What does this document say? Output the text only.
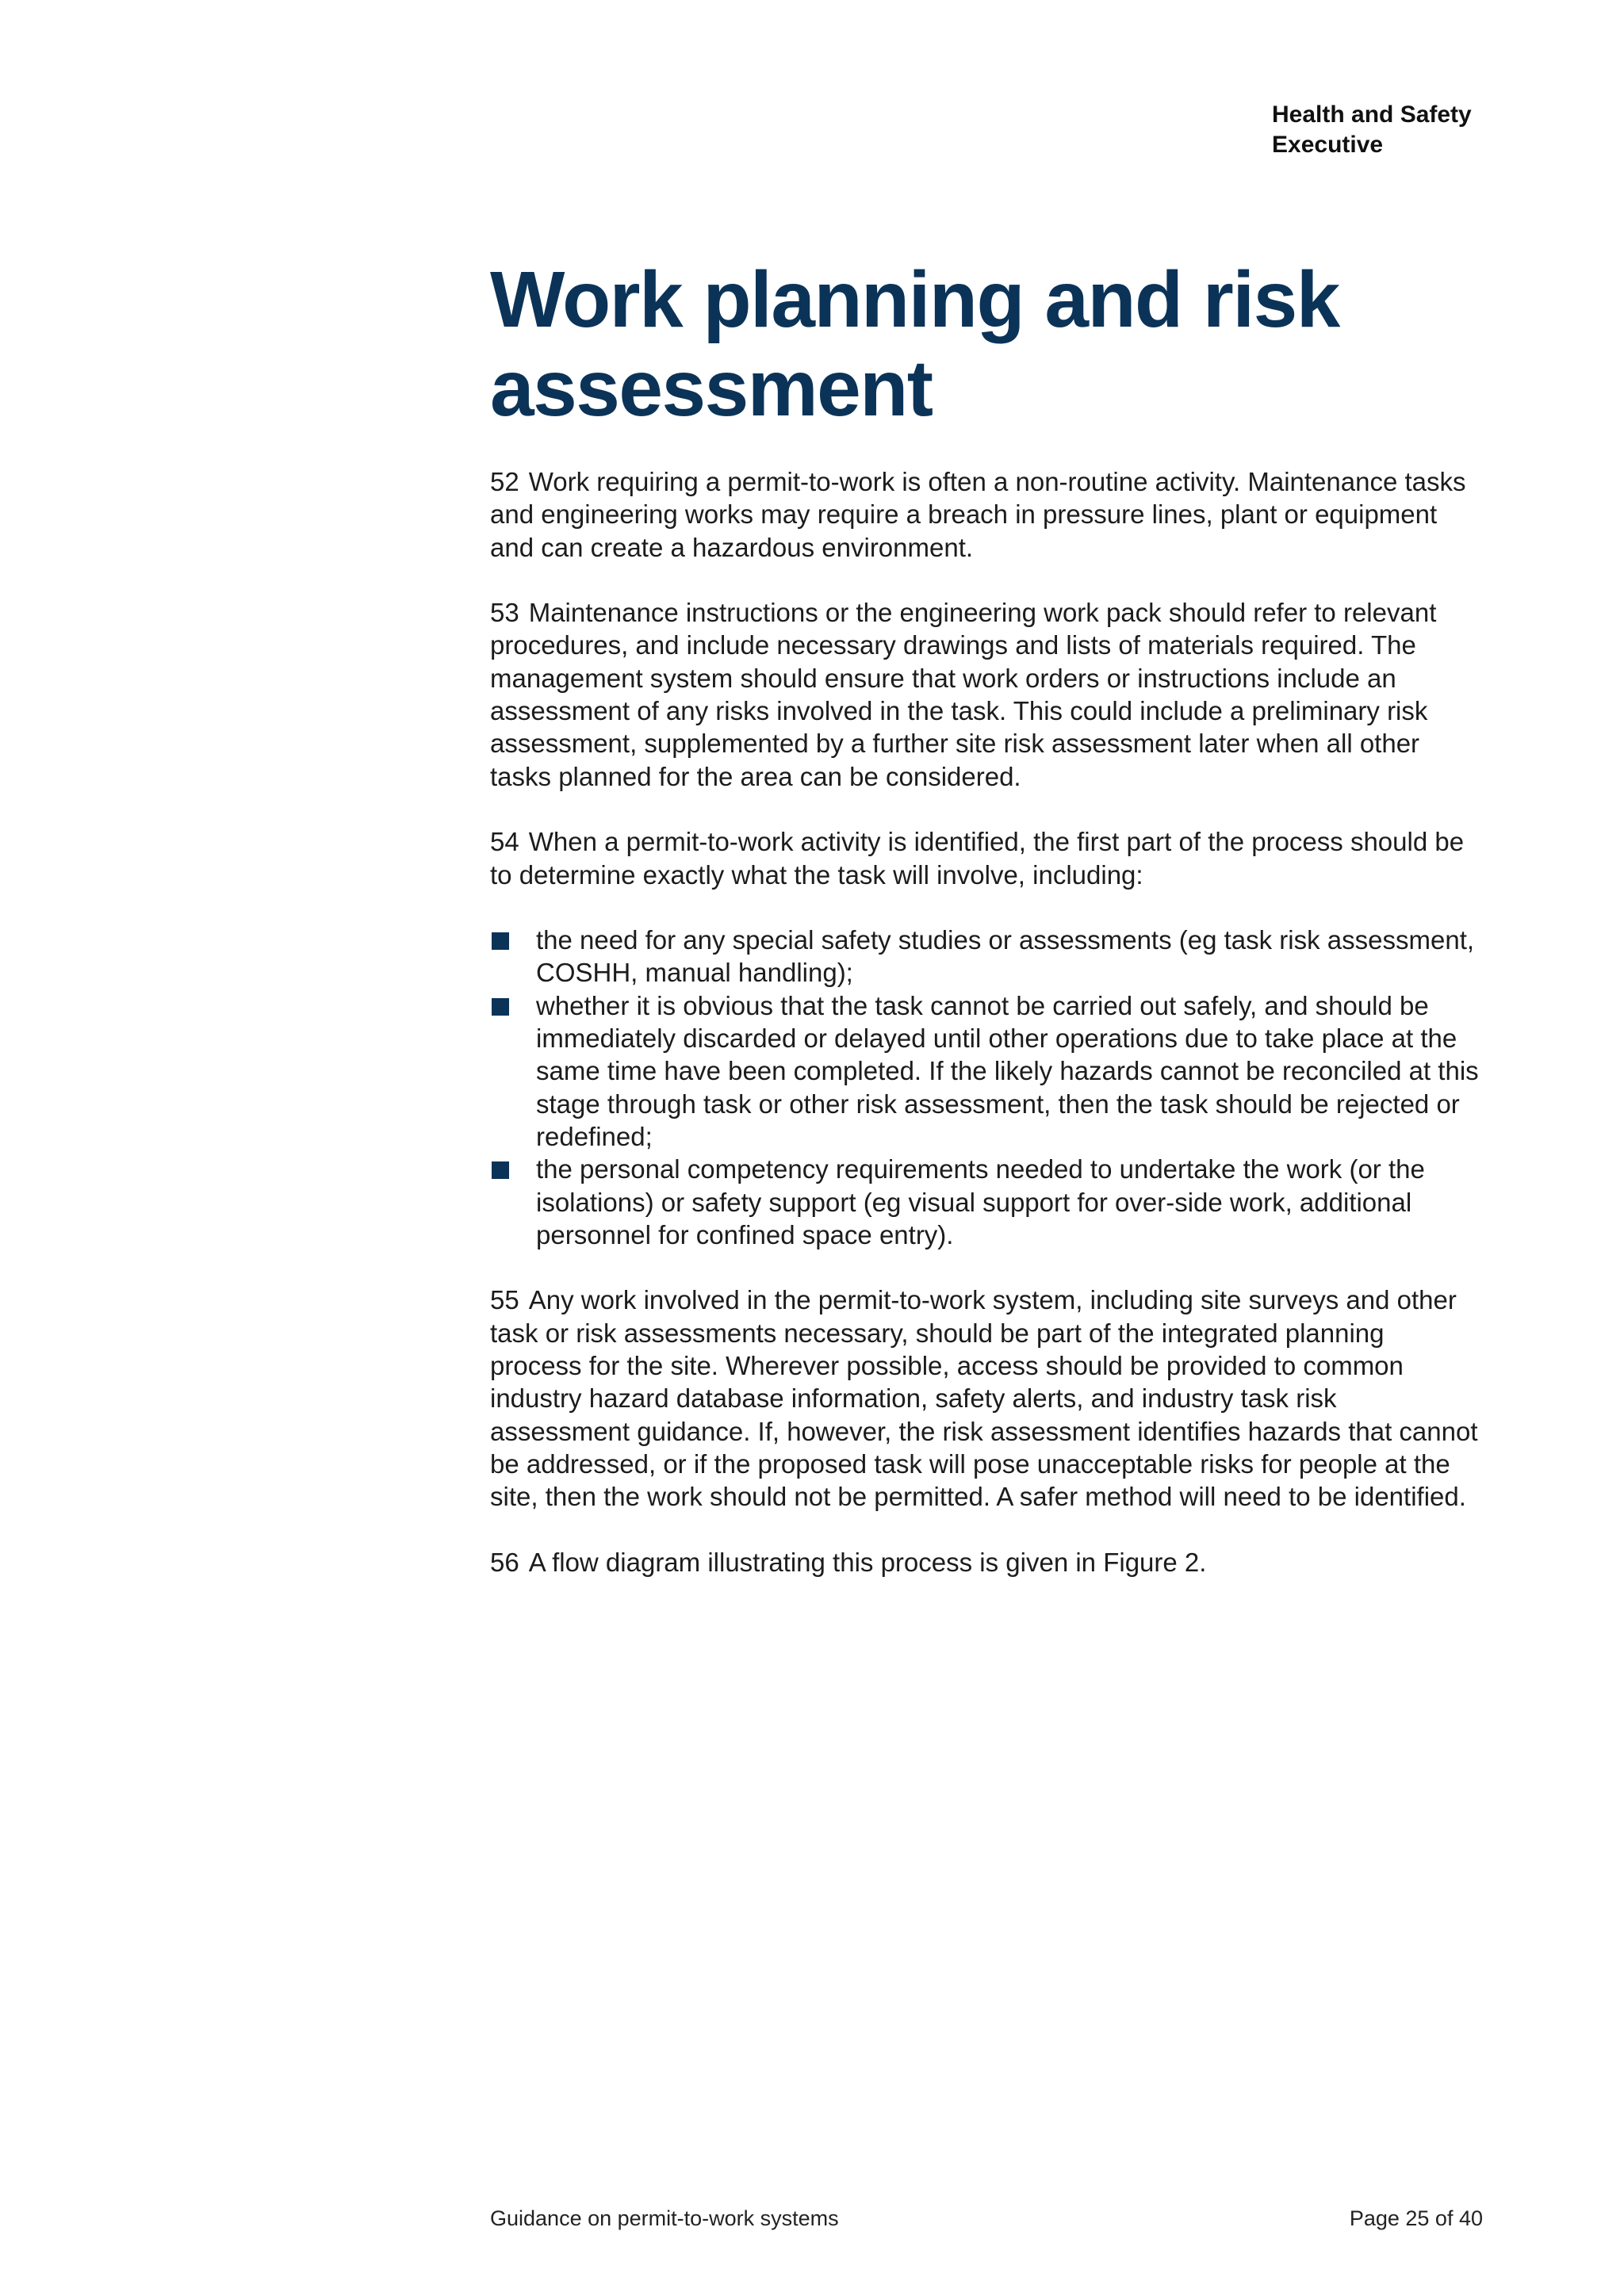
Health and Safety
Executive
Work planning and risk assessment

52 Work requiring a permit-to-work is often a non-routine activity. Maintenance tasks and engineering works may require a breach in pressure lines, plant or equipment and can create a hazardous environment.

53 Maintenance instructions or the engineering work pack should refer to relevant procedures, and include necessary drawings and lists of materials required. The management system should ensure that work orders or instructions include an assessment of any risks involved in the task. This could include a preliminary risk assessment, supplemented by a further site risk assessment later when all other tasks planned for the area can be considered.

54 When a permit-to-work activity is identified, the first part of the process should be to determine exactly what the task will involve, including:

the need for any special safety studies or assessments (eg task risk assessment, COSHH, manual handling);
whether it is obvious that the task cannot be carried out safely, and should be immediately discarded or delayed until other operations due to take place at the same time have been completed. If the likely hazards cannot be reconciled at this stage through task or other risk assessment, then the task should be rejected or redefined;
the personal competency requirements needed to undertake the work (or the isolations) or safety support (eg visual support for over-side work, additional personnel for confined space entry).

55 Any work involved in the permit-to-work system, including site surveys and other task or risk assessments necessary, should be part of the integrated planning process for the site. Wherever possible, access should be provided to common industry hazard database information, safety alerts, and industry task risk assessment guidance. If, however, the risk assessment identifies hazards that cannot be addressed, or if the proposed task will pose unacceptable risks for people at the site, then the work should not be permitted. A safer method will need to be identified.

56 A flow diagram illustrating this process is given in Figure 2.

Guidance on permit-to-work systems	Page 25 of 40
